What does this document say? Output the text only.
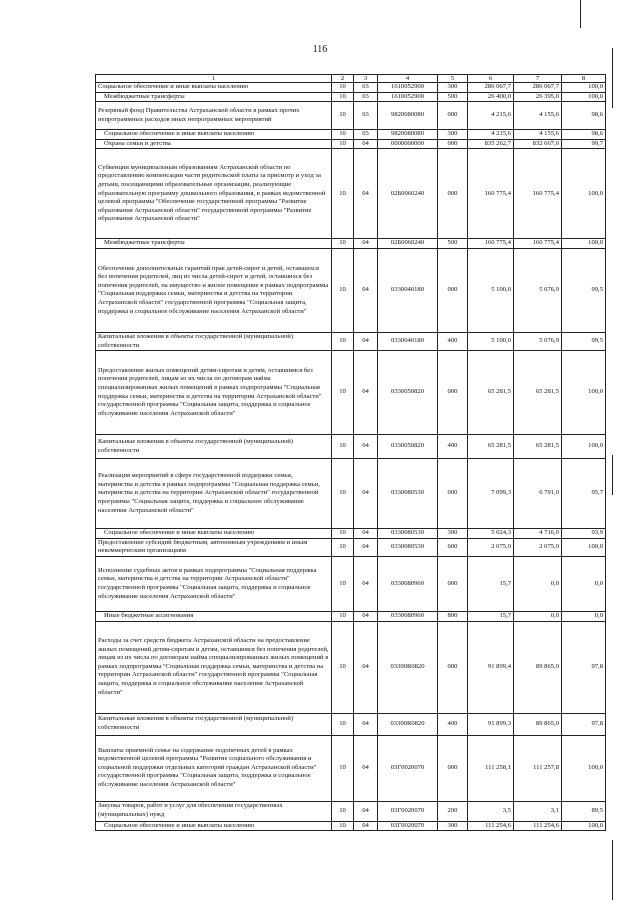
116
1	2	3	4	5	6	7	8
Социальное обеспечение и иные выплаты населению	10	03	1610052900	300	286 067,7	286 067,7	100,0
Межбюджетные трансферты	10	03	1610052900	500	26 400,0	26 395,0	100,0
Резервный фонд Правительства Астраханской области в рамках прочих непрограммных расходов иных непрограммных мероприятий	10	03	9820080080	000	4 215,6	4 155,6	98,6
Социальное обеспечение и иные выплаты населению	10	03	9820080080	300	4 215,6	4 155,6	98,6
Охрана семьи и детства	10	04	0000000000	000	835 262,7	832 667,0	99,7
Субвенции муниципальным образованиям Астраханской области по предоставлению компенсации части родительской платы за присмотр и уход за детьми, посещающими образовательные организации, реализующие образовательную программу дошкольного образования, в рамках ведомственной целевой программы "Обеспечение государственной программы "Развитие образования Астраханской области" государственной программы "Развитие образования Астраханской области"	10	04	02Б0060240	000	160 775,4	160 775,4	100,0
Межбюджетные трансферты	10	04	02Б0060240	500	160 775,4	160 775,4	100,0
Обеспечение дополнительных гарантий прав детей-сирот и детей, оставшихся без попечения родителей, лиц из числа детей-сирот и детей, оставшихся без попечения родителей, на имущество и жилое помещение в рамках подпрограммы "Социальная поддержка семьи, материнства и детства на территории Астраханской области" государственной программы "Социальная защита, поддержка и социальное обслуживание населения Астраханской области"	10	04	0330040180	000	5 100,0	5 076,9	99,5
Капитальные вложения в объекты государственной (муниципальной) собственности	10	04	0330040180	400	5 100,0	5 076,9	99,5
Предоставление жилых помещений детям-сиротам и детям, оставшимся без попечения родителей, лицам из их числа по договорам найма специализированных жилых помещений в рамках подпрограммы "Социальная поддержка семьи, материнства и детства на территории Астраханской области" государственной программы "Социальная защита, поддержка и социальное обслуживание населения Астраханской области"	10	04	0330050820	000	65 281,5	65 281,5	100,0
Капитальные вложения в объекты государственной (муниципальной) собственности	10	04	0330050820	400	65 281,5	65 281,5	100,0
Реализация мероприятий в сфере государственной поддержки семьи, материнства и детства в рамках подпрограммы "Социальная поддержка семьи, материнства и детства на территории Астраханской области" государственной программы "Социальная защита, поддержка и социальное обслуживание населения Астраханской области"	10	04	0330080530	000	7 099,3	6 791,0	95,7
Социальное обеспечение и иные выплаты населению	10	04	0330080530	300	5 024,3	4 716,0	93,9
Предоставление субсидий бюджетным, автономным учреждениям и иным некоммерческим организациям	10	04	0330080530	600	2 075,0	2 075,0	100,0
Исполнение судебных актов в рамках подпрограммы "Социальная поддержка семьи, материнства и детства на территории Астраханской области" государственной программы "Социальная защита, поддержка и социальное обслуживание населения Астраханской области"	10	04	0330080960	000	15,7	0,0	0,0
Иные бюджетные ассигнования	10	04	0330080960	800	15,7	0,0	0,0
Расходы за счет средств бюджета Астраханской области на предоставление жилых помещений детям-сиротам и детям, оставшимся без попечения родителей, лицам из их числа по договорам найма специализированных жилых помещений в рамках подпрограммы "Социальная поддержка семьи, материнства и детства на территории Астраханской области" государственной программы "Социальная защита, поддержка и социальное обслуживание населения Астраханской области"	10	04	03300R0820	000	91 899,4	89 865,0	97,8
Капитальные вложения в объекты государственной (муниципальной) собственности	10	04	03300R0820	400	91 899,3	89 865,0	97,8
Выплаты приемной семье на содержание подопечных детей в рамках ведомственной целевой программы "Развитие социального обслуживания и социальной поддержки отдельных категорий граждан Астраханской области" государственной программы "Социальная защита, поддержка и социальное обслуживание населения Астраханской области"	10	04	03Г0020070	000	111 258,1	111 257,8	100,0
Закупка товаров, работ и услуг для обеспечения государственных (муниципальных) нужд	10	04	03Г0020070	200	3,5	3,1	89,5
Социальное обеспечение и иные выплаты населению	10	04	03Г0020070	300	111 254,6	111 254,6	100,0
